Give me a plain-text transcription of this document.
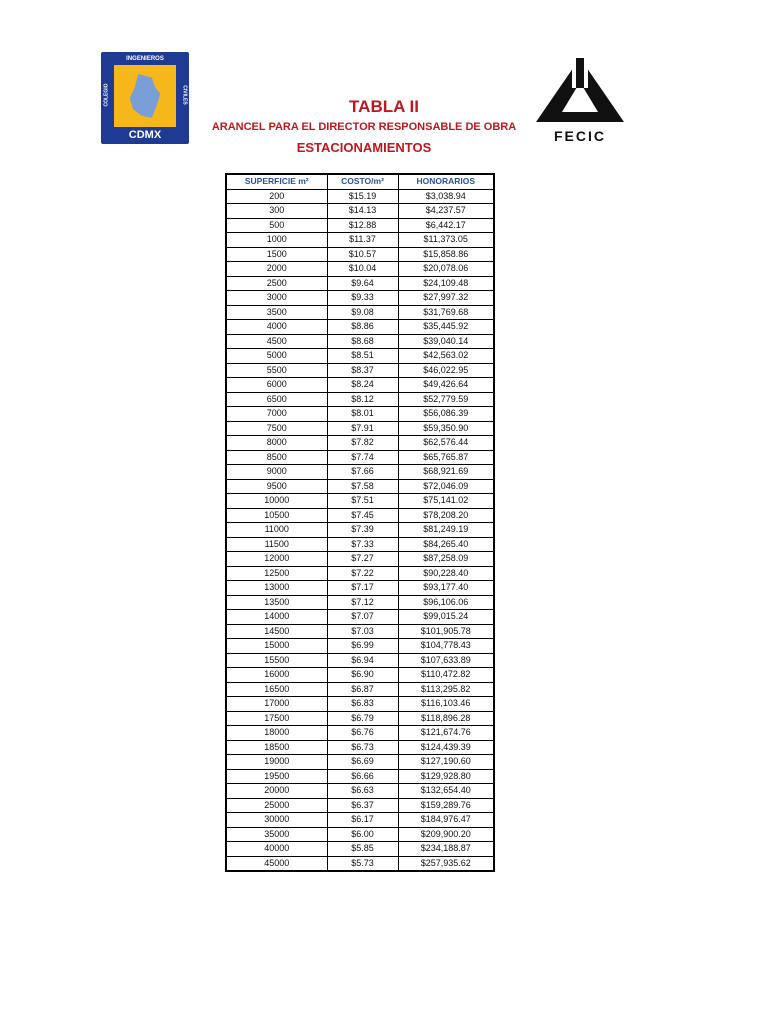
INGENIEROS
COLEGIO	CIVILES
CDMX	FECIC
TABLA II
ARANCEL PARA EL DIRECTOR RESPONSABLE DE OBRA
ESTACIONAMIENTOS
SUPERFICIE m²	COSTO/m²	HONORARIOS
200	$15.19	$3,038.94
300	$14.13	$4,237.57
500	$12.88	$6,442.17
1000	$11.37	$11,373.05
1500	$10.57	$15,858.86
2000	$10.04	$20,078.06
2500	$9.64	$24,109.48
3000	$9.33	$27,997.32
3500	$9.08	$31,769.68
4000	$8.86	$35,445.92
4500	$8.68	$39,040.14
5000	$8.51	$42,563.02
5500	$8.37	$46,022.95
6000	$8.24	$49,426.64
6500	$8.12	$52,779.59
7000	$8.01	$56,086.39
7500	$7.91	$59,350.90
8000	$7.82	$62,576.44
8500	$7.74	$65,765.87
9000	$7.66	$68,921.69
9500	$7.58	$72,046.09
10000	$7.51	$75,141.02
10500	$7.45	$78,208.20
11000	$7.39	$81,249.19
11500	$7.33	$84,265.40
12000	$7.27	$87,258.09
12500	$7.22	$90,228.40
13000	$7.17	$93,177.40
13500	$7.12	$96,106.06
14000	$7.07	$99,015.24
14500	$7.03	$101,905.78
15000	$6.99	$104,778.43
15500	$6.94	$107,633.89
16000	$6.90	$110,472.82
16500	$6.87	$113,295.82
17000	$6.83	$116,103.46
17500	$6.79	$118,896.28
18000	$6.76	$121,674.76
18500	$6.73	$124,439.39
19000	$6.69	$127,190.60
19500	$6.66	$129,928.80
20000	$6.63	$132,654.40
25000	$6.37	$159,289.76
30000	$6.17	$184,976.47
35000	$6.00	$209,900.20
40000	$5.85	$234,188.87
45000	$5.73	$257,935.62
